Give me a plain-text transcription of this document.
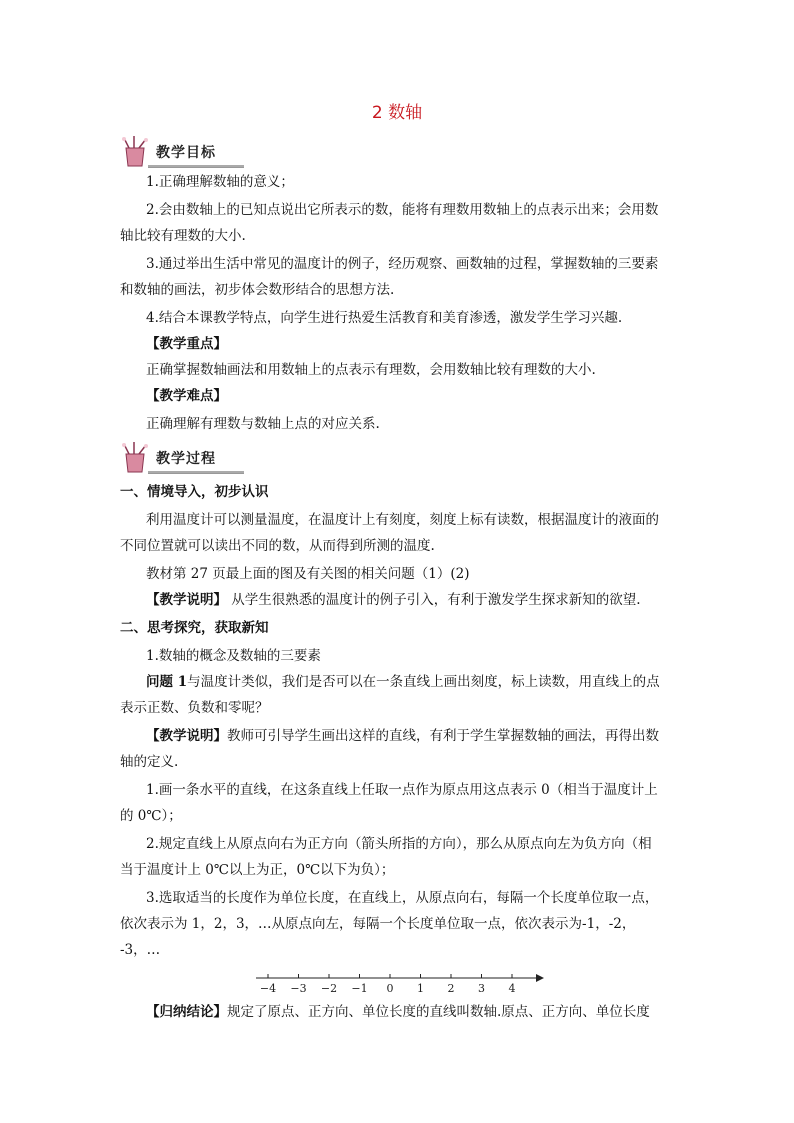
2 数轴
教学目标
1.正确理解数轴的意义；
2.会由数轴上的已知点说出它所表示的数，能将有理数用数轴上的点表示出来；会用数
轴比较有理数的大小.
3.通过举出生活中常见的温度计的例子，经历观察、画数轴的过程，掌握数轴的三要素
和数轴的画法，初步体会数形结合的思想方法.
4.结合本课教学特点，向学生进行热爱生活教育和美育渗透，激发学生学习兴趣.
【教学重点】
正确掌握数轴画法和用数轴上的点表示有理数，会用数轴比较有理数的大小.
【教学难点】
正确理解有理数与数轴上点的对应关系.
教学过程
一、情境导入，初步认识
利用温度计可以测量温度，在温度计上有刻度，刻度上标有读数，根据温度计的液面的
不同位置就可以读出不同的数，从而得到所测的温度.
教材第 27 页最上面的图及有关图的相关问题（1）(2)
【教学说明】 从学生很熟悉的温度计的例子引入，有利于激发学生探求新知的欲望.
二、思考探究，获取新知
1.数轴的概念及数轴的三要素
问题 1与温度计类似，我们是否可以在一条直线上画出刻度，标上读数，用直线上的点
表示正数、负数和零呢？
【教学说明】教师可引导学生画出这样的直线，有利于学生掌握数轴的画法，再得出数
轴的定义.
1.画一条水平的直线，在这条直线上任取一点作为原点用这点表示 0（相当于温度计上
的 0℃）；
2.规定直线上从原点向右为正方向（箭头所指的方向），那么从原点向左为负方向（相
当于温度计上 0℃以上为正，0℃以下为负）；
3.选取适当的长度作为单位长度，在直线上，从原点向右，每隔一个长度单位取一点，
依次表示为 1，2，3，…从原点向左，每隔一个长度单位取一点，依次表示为-1，-2，
-3，…
−4 −3 −2 −1 0 1 2 3 4
【归纳结论】规定了原点、正方向、单位长度的直线叫数轴.原点、正方向、单位长度
